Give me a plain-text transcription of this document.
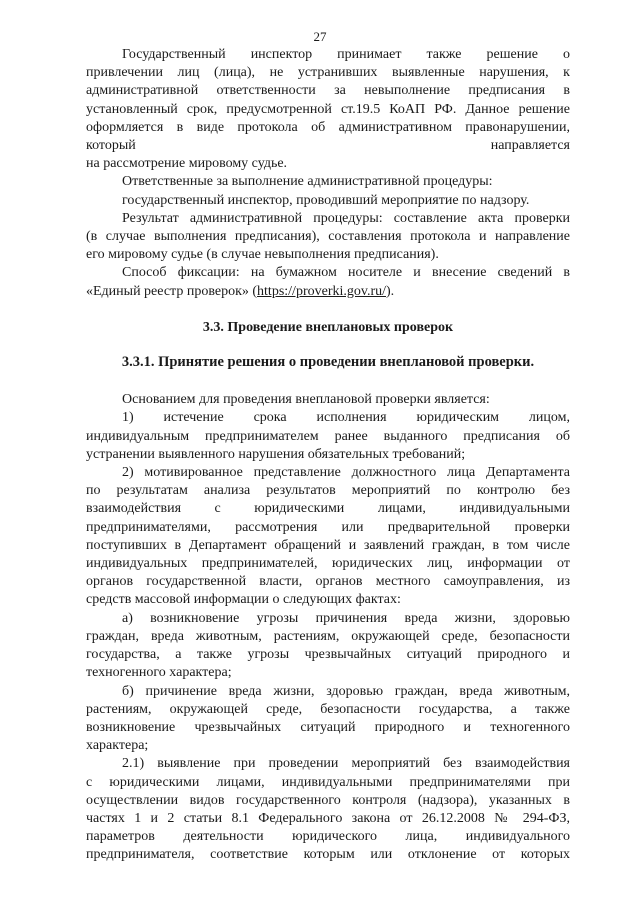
27
Государственный инспектор принимает также решение о
привлечении лиц (лица), не устранивших выявленные нарушения, к
административной ответственности за невыполнение предписания в
установленный срок, предусмотренной ст.19.5 КоАП РФ. Данное решение
оформляется в виде протокола об административном правонарушении,
который направляется
на рассмотрение мировому судье.
Ответственные за выполнение административной процедуры:
государственный инспектор, проводивший мероприятие по надзору.
Результат административной процедуры: составление акта проверки
(в случае выполнения предписания), составления протокола и направление
его мировому судье (в случае невыполнения предписания).
Способ фиксации: на бумажном носителе и внесение сведений в
«Единый реестр проверок» (https://proverki.gov.ru/).
3.3. Проведение внеплановых проверок
3.3.1. Принятие решения о проведении внеплановой проверки.
Основанием для проведения внеплановой проверки является:
1) истечение срока исполнения юридическим лицом,
индивидуальным предпринимателем ранее выданного предписания об
устранении выявленного нарушения обязательных требований;
2) мотивированное представление должностного лица Департамента
по результатам анализа результатов мероприятий по контролю без
взаимодействия с юридическими лицами, индивидуальными
предпринимателями, рассмотрения или предварительной проверки
поступивших в Департамент обращений и заявлений граждан, в том числе
индивидуальных предпринимателей, юридических лиц, информации от
органов государственной власти, органов местного самоуправления, из
средств массовой информации о следующих фактах:
а) возникновение угрозы причинения вреда жизни, здоровью
граждан, вреда животным, растениям, окружающей среде, безопасности
государства, а также угрозы чрезвычайных ситуаций природного и
техногенного характера;
б) причинение вреда жизни, здоровью граждан, вреда животным,
растениям, окружающей среде, безопасности государства, а также
возникновение чрезвычайных ситуаций природного и техногенного
характера;
2.1) выявление при проведении мероприятий без взаимодействия
с юридическими лицами, индивидуальными предпринимателями при
осуществлении видов государственного контроля (надзора), указанных в
частях 1 и 2 статьи 8.1 Федерального закона от 26.12.2008 № 294-ФЗ,
параметров деятельности юридического лица, индивидуального
предпринимателя, соответствие которым или отклонение от которых
